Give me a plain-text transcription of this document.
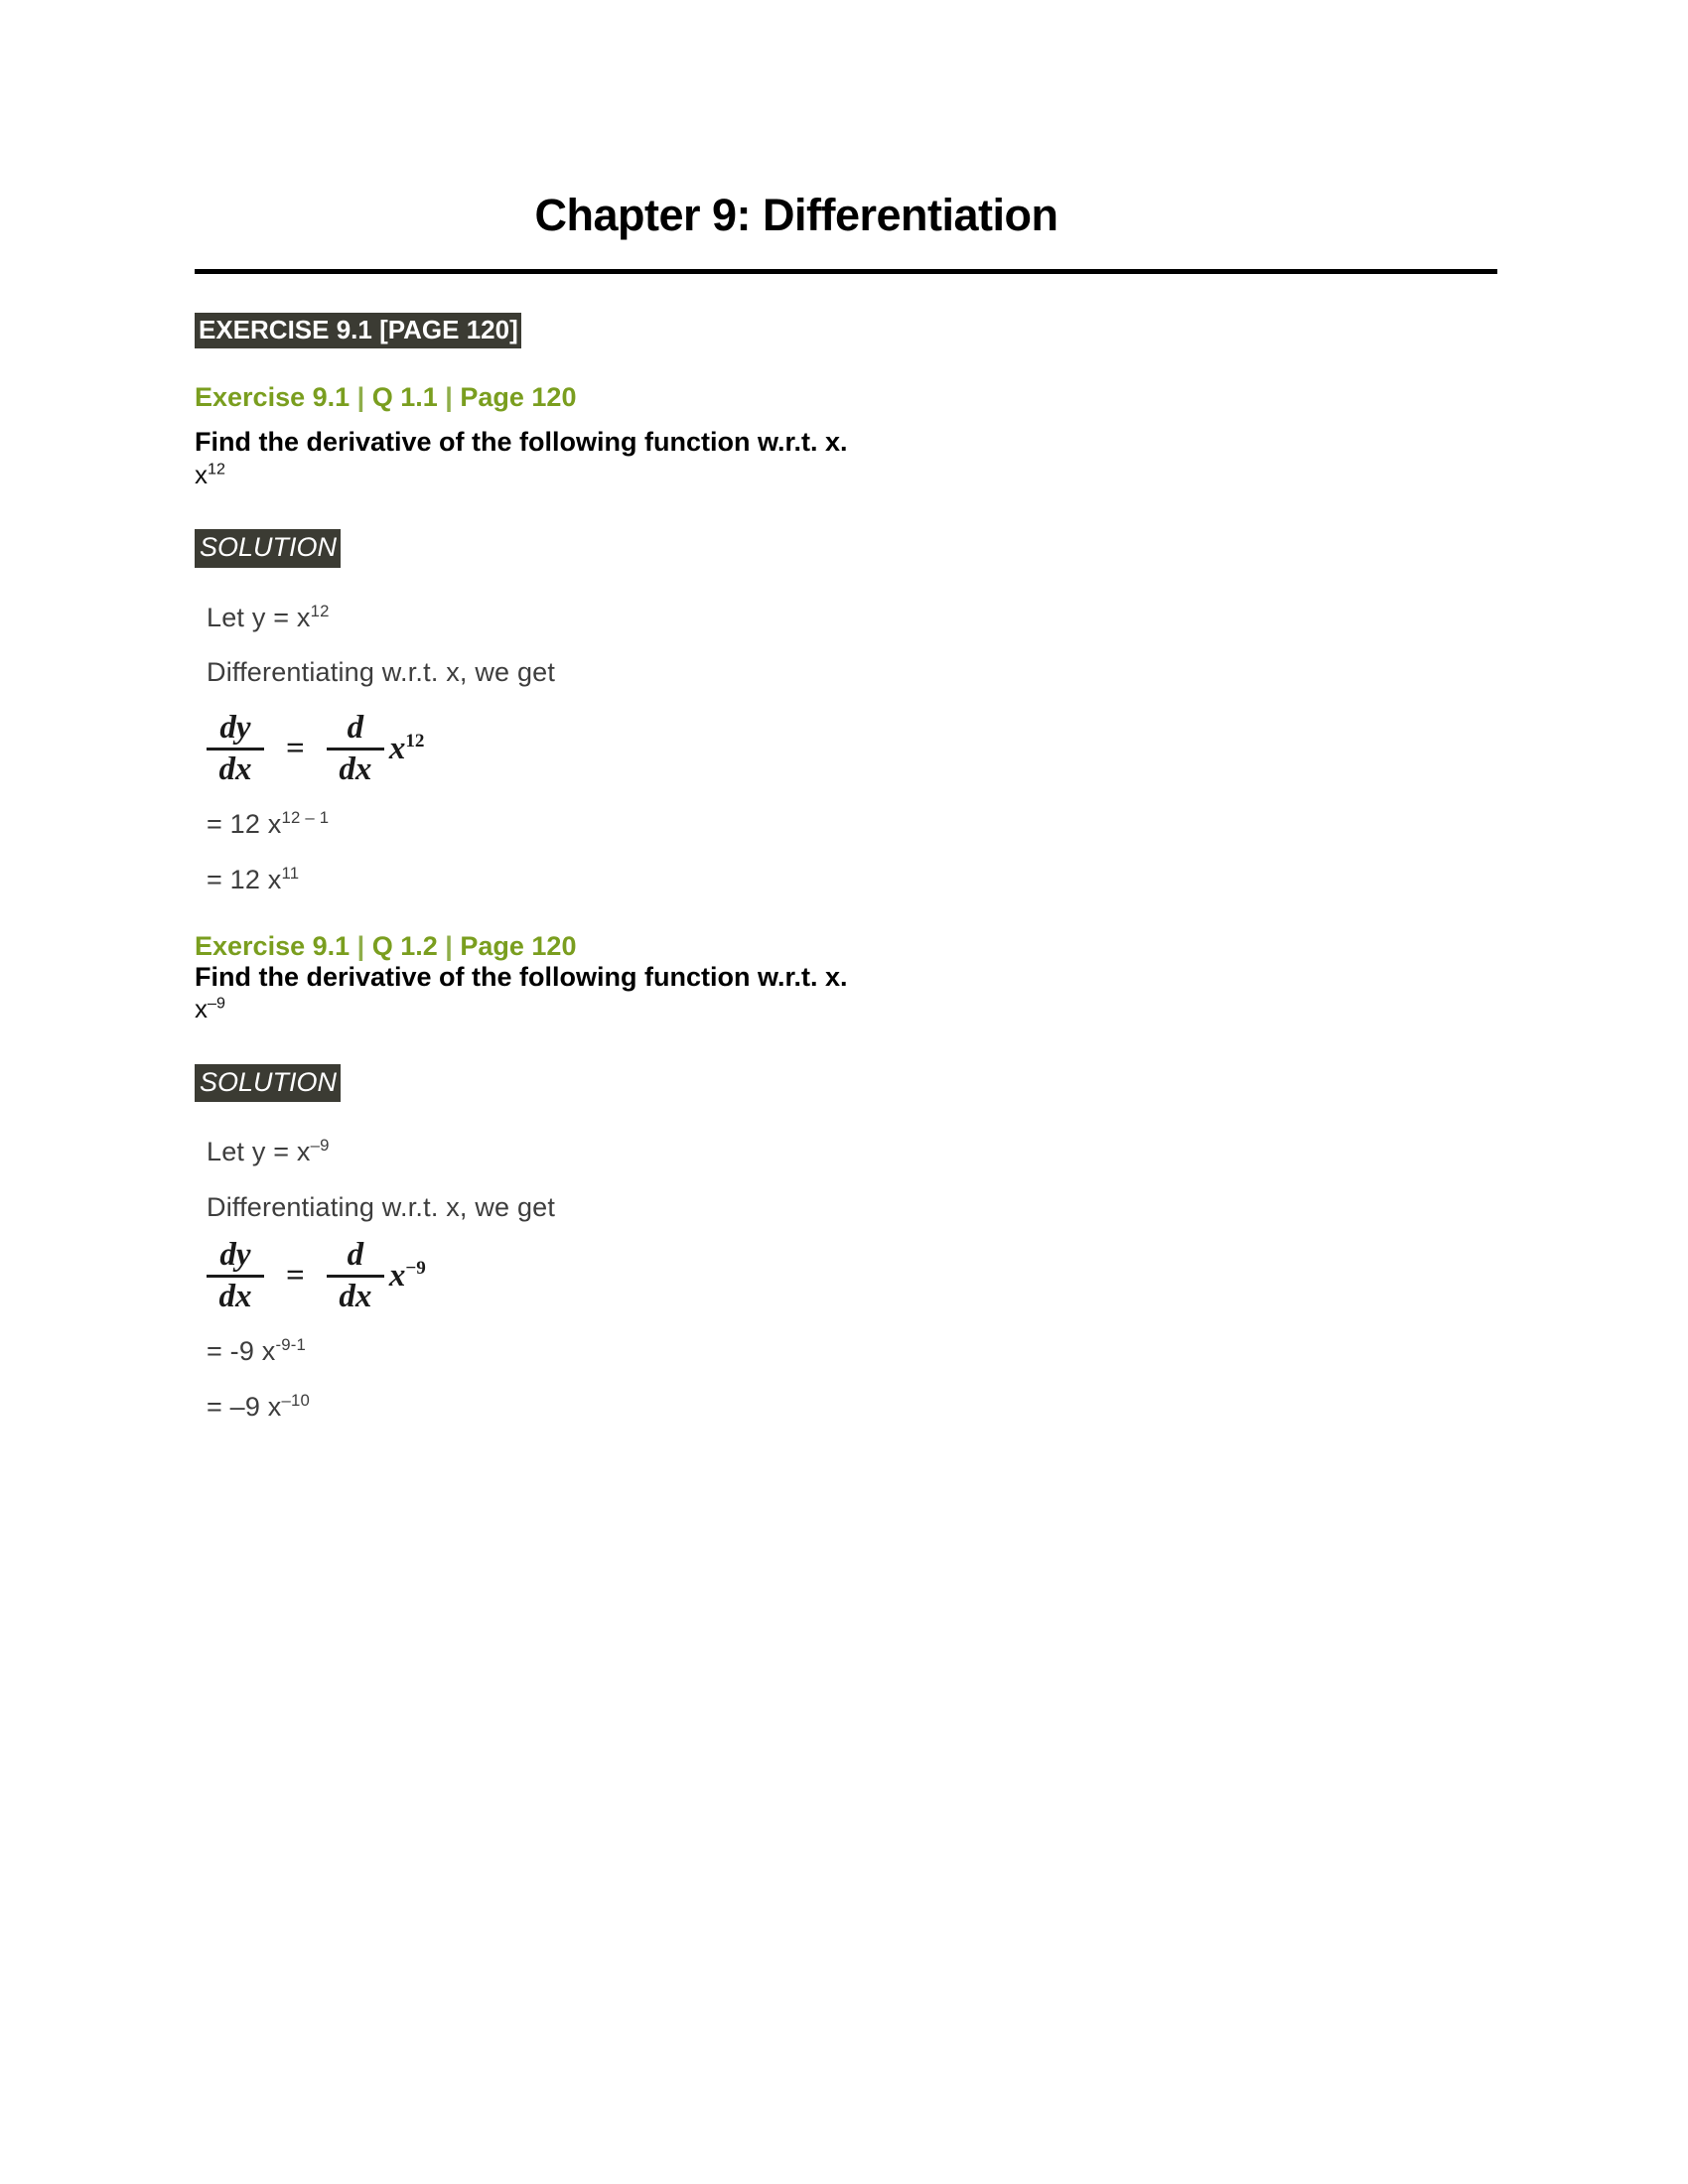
Chapter 9: Differentiation
EXERCISE 9.1 [PAGE 120]

Exercise 9.1 | Q 1.1 | Page 120

Find the derivative of the following function w.r.t. x.

$x^{12}$

SOLUTION

Let $y = x^{12}$

Differentiating w.r.t. x, we get

$\frac{dy}{dx} = \frac{d}{dx} x^{12}$

= 12 $x^{12 - 1}$

= 12 $x^{11}$

Exercise 9.1 | Q 1.2 | Page 120

Find the derivative of the following function w.r.t. x.

$x^{-9}$

SOLUTION

Let $y = x^{-9}$

Differentiating w.r.t. x, we get

$\frac{dy}{dx} = \frac{d}{dx} x^{-9}$

= -9 $x^{-9-1}$

= –9 $x^{-10}$
